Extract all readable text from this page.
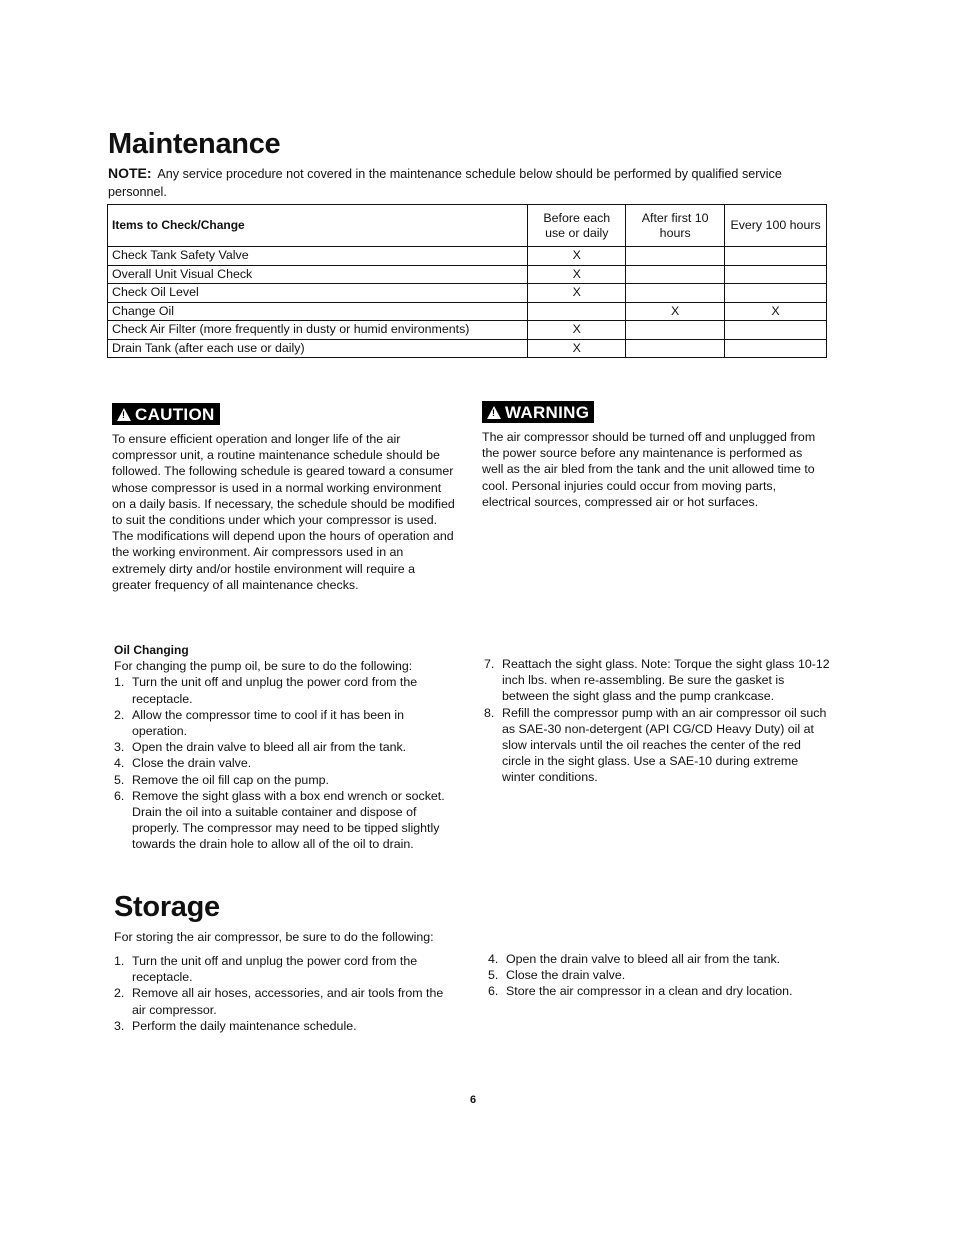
Maintenance
NOTE: Any service procedure not covered in the maintenance schedule below should be performed by qualified service personnel.
Items to Check/Change	Before each use or daily	After first 10 hours	Every 100 hours
Check Tank Safety Valve	X		
Overall Unit Visual Check	X		
Check Oil Level	X		
Change Oil		X	X
Check Air Filter (more frequently in dusty or humid environments)	X		
Drain Tank (after each use or daily)	X		
!CAUTION
To ensure efficient operation and longer life of the air compressor unit, a routine maintenance schedule should be followed. The following schedule is geared toward a consumer whose compressor is used in a normal working environment on a daily basis. If necessary, the schedule should be modified to suit the conditions under which your compressor is used. The modifications will depend upon the hours of operation and the working environment. Air compressors used in an extremely dirty and/or hostile environment will require a greater frequency of all maintenance checks.
!WARNING
The air compressor should be turned off and unplugged from the power source before any maintenance is performed as well as the air bled from the tank and the unit allowed time to cool. Personal injuries could occur from moving parts, electrical sources, compressed air or hot surfaces.
Oil Changing
For changing the pump oil, be sure to do the following:
1. Turn the unit off and unplug the power cord from the receptacle.
2. Allow the compressor time to cool if it has been in operation.
3. Open the drain valve to bleed all air from the tank.
4. Close the drain valve.
5. Remove the oil fill cap on the pump.
6. Remove the sight glass with a box end wrench or socket. Drain the oil into a suitable container and dispose of properly. The compressor may need to be tipped slightly towards the drain hole to allow all of the oil to drain.
7. Reattach the sight glass. Note: Torque the sight glass 10-12 inch lbs. when re-assembling. Be sure the gasket is between the sight glass and the pump crankcase.
8. Refill the compressor pump with an air compressor oil such as SAE-30 non-detergent (API CG/CD Heavy Duty) oil at slow intervals until the oil reaches the center of the red circle in the sight glass. Use a SAE-10 during extreme winter conditions.
Storage
For storing the air compressor, be sure to do the following:
1. Turn the unit off and unplug the power cord from the receptacle.
2. Remove all air hoses, accessories, and air tools from the air compressor.
3. Perform the daily maintenance schedule.
4. Open the drain valve to bleed all air from the tank.
5. Close the drain valve.
6. Store the air compressor in a clean and dry location.
6
